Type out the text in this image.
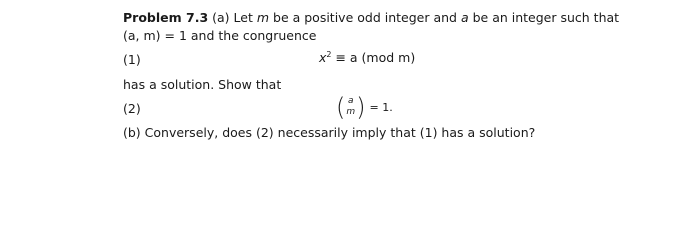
Problem 7.3 (a) Let m be a positive odd integer and a be an integer such that
(a, m) = 1 and the congruence
(1)	$x^2 \equiv a$ (mod m)
has a solution. Show that
(2)	( a
m ) = 1.
(b) Conversely, does (2) necessarily imply that (1) has a solution?
